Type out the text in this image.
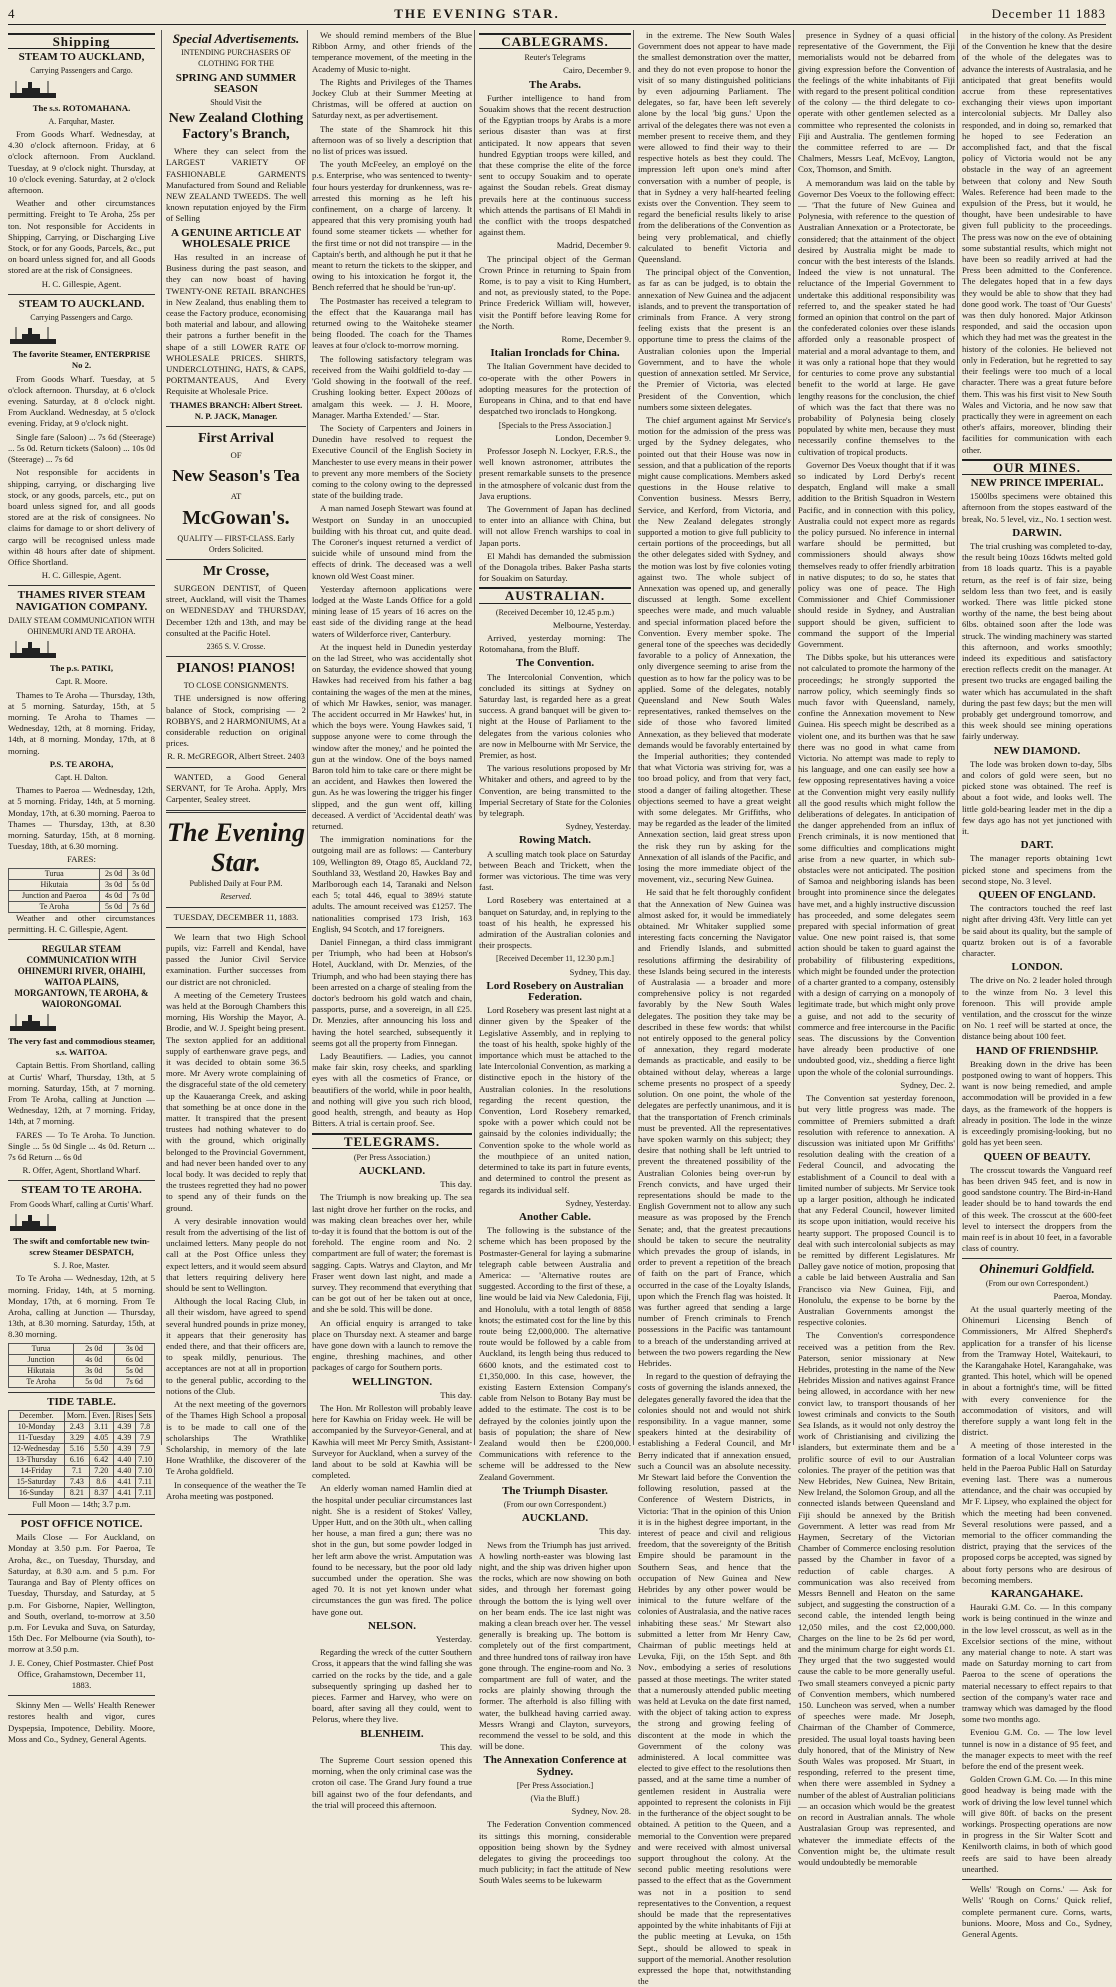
4	THE EVENING STAR.	December 11 1883
Shipping
STEAM TO AUCKLAND,

Carrying Passengers and Cargo.

The s.s. ROTOMAHANA.

A. Farquhar, Master.

From Goods Wharf. Wednesday, at 4.30 o'clock afternoon. Friday, at 6 o'clock afternoon. From Auckland. Tuesday, at 9 o'clock night. Thursday, at 10 o'clock evening. Saturday, at 2 o'clock afternoon.

Weather and other circumstances permitting. Freight to Te Aroha, 25s per ton. Not responsible for Accidents in Shipping, Carrying, or Discharging Live Stock, or for any Goods, Parcels, &c., put on board unless signed for, and all Goods stored are at the risk of Consignees.

H. C. Gillespie, Agent.

STEAM TO AUCKLAND.

Carrying Passengers and Cargo.

The favorite Steamer, ENTERPRISE No 2.

From Goods Wharf. Tuesday, at 5 o'clock afternoon. Thursday, at 6 o'clock evening. Saturday, at 8 o'clock night. From Auckland. Wednesday, at 5 o'clock evening. Friday, at 9 o'clock night.

Single fare (Saloon) ... 7s 6d (Steerage) ... 5s 0d. Return tickets (Saloon) ... 10s 0d (Steerage) ... 7s 6d

Not responsible for accidents in shipping, carrying, or discharging live stock, or any goods, parcels, etc., put on board unless signed for, and all goods stored are at the risk of consignees. No claims for damage to or short delivery of cargo will be recognised unless made within 48 hours after date of shipment. Office Shortland.

H. C. Gillespie, Agent.

THAMES RIVER STEAM NAVIGATION COMPANY.

DAILY STEAM COMMUNICATION WITH OHINEMURI AND TE AROHA.

The p.s. PATIKI,

Capt. R. Moore.

Thames to Te Aroha — Thursday, 13th, at 5 morning. Saturday, 15th, at 5 morning. Te Aroha to Thames — Wednesday, 12th, at 8 morning. Friday, 14th, at 8 morning. Monday, 17th, at 8 morning.

P.S. TE AROHA,

Capt. H. Dalton.

Thames to Paeroa — Wednesday, 12th, at 5 morning. Friday, 14th, at 5 morning. Monday, 17th, at 6.30 morning. Paeroa to Thames — Thursday, 13th, at 8.30 morning. Saturday, 15th, at 8 morning. Tuesday, 18th, at 6.30 morning.

FARES:

Turua	2s 0d	3s 0d
Hikutaia	3s 0d	5s 0d
Junction and Paeroa	4s 0d	7s 0d
Te Aroha	5s 0d	7s 6d

Weather and other circumstances permitting. H. C. Gillespie, Agent.

REGULAR STEAM COMMUNICATION WITH OHINEMURI RIVER, OHAIHI, WAITOA PLAINS, MORGANTOWN, TE AROHA, & WAIORONGOMAI.

The very fast and commodious steamer, s.s. WAITOA.

Captain Bettis. From Shortland, calling at Curtis' Wharf, Thursday, 13th, at 5 morning. Saturday, 15th, at 7 morning. From Te Aroha, calling at Junction — Wednesday, 12th, at 7 morning. Friday, 14th, at 7 morning.

FARES — To Te Aroha. To Junction. Single ... 5s 0d Single ... 4s 0d. Return ... 7s 6d Return ... 6s 0d

R. Offer, Agent, Shortland Wharf.

STEAM TO TE AROHA.

From Goods Wharf, calling at Curtis' Wharf.

The swift and comfortable new twin-screw Steamer DESPATCH,

S. J. Roe, Master.

To Te Aroha — Wednesday, 12th, at 5 morning. Friday, 14th, at 5 morning. Monday, 17th, at 6 morning. From Te Aroha, calling at Junction — Thursday, 13th, at 8.30 morning. Saturday, 15th, at 8.30 morning.

Turua	2s 0d	3s 0d
Junction	4s 0d	6s 0d
Hikutaia	3s 0d	5s 0d
Te Aroha	5s 0d	7s 6d
TIDE TABLE.
December.	Morn.	Even.	Rises	Sets
10-Monday	2.43	3.11	4.39	7.8
11-Tuesday	3.29	4.05	4.39	7.9
12-Wednesday	5.16	5.50	4.39	7.9
13-Thursday	6.16	6.42	4.40	7.10
14-Friday	7.1	7.20	4.40	7.10
15-Saturday	7.43	8.6	4.41	7.11
16-Sunday	8.21	8.37	4.41	7.11

Full Moon — 14th; 3.7 p.m.

POST OFFICE NOTICE.

Mails Close — For Auckland, on Monday at 3.50 p.m. For Paeroa, Te Aroha, &c., on Tuesday, Thursday, and Saturday, at 8.30 a.m. and 5 p.m. For Tauranga and Bay of Plenty offices on Tuesday, Thursday, and Saturday, at 5 p.m. For Gisborne, Napier, Wellington, and South, overland, to-morrow at 3.50 p.m. For Levuka and Suva, on Saturday, 15th Dec. For Melbourne (via South), to-morrow at 3.50 p.m.

J. E. Coney, Chief Postmaster. Chief Post Office, Grahamstown, December 11, 1883.

Skinny Men — Wells' Health Renewer restores health and vigor, cures Dyspepsia, Impotence, Debility. Moore, Moss and Co., Sydney, General Agents.

Special Advertisements.

INTENDING PURCHASERS OF CLOTHING FOR THE

SPRING AND SUMMER SEASON

Should Visit the

New Zealand Clothing Factory's Branch,

Where they can select from the LARGEST VARIETY OF FASHIONABLE GARMENTS Manufactured from Sound and Reliable NEW ZEALAND TWEEDS. The well known reputation enjoyed by the Firm of Selling

A GENUINE ARTICLE AT WHOLESALE PRICE

Has resulted in an increase of Business during the past season, and they can now boast of having TWENTY-ONE RETAIL BRANCHES in New Zealand, thus enabling them to cease the Factory produce, economising both material and labour, and allowing their patrons a further benefit in the shape of a still LOWER RATE OF WHOLESALE PRICES. SHIRTS, UNDERCLOTHING, HATS, & CAPS, PORTMANTEAUS, And Every Requisite at Wholesale Price.

THAMES BRANCH: Albert Street. N. P. JACK, Manager.

First Arrival

OF

New Season's Tea

AT

McGowan's.

QUALITY — FIRST-CLASS. Early Orders Solicited.

Mr Crosse,

SURGEON DENTIST, of Queen street, Auckland, will visit the Thames on WEDNESDAY and THURSDAY, December 12th and 13th, and may be consulted at the Pacific Hotel.

2365 S. V. Crosse.

PIANOS! PIANOS!

TO CLOSE CONSIGNMENTS.

THE undersigned is now offering balance of Stock, comprising — 2 ROBBYS, and 2 HARMONIUMS, At a considerable reduction on original prices.

R. R. McGREGOR, Albert Street. 2403

WANTED, a Good General SERVANT, for Te Aroha. Apply, Mrs Carpenter, Sealey street.

The Evening Star.

Published Daily at Four P.M.

Reserved.

TUESDAY, DECEMBER 11, 1883.

We learn that two High School pupils, viz: Farrell and Kendal, have passed the Junior Civil Service examination. Further successes from our district are not chronicled.

A meeting of the Cemetery Trustees was held at the Borough Chambers this morning, His Worship the Mayor, A. Brodie, and W. J. Speight being present. The sexton applied for an additional supply of earthenware grave pegs, and it was decided to obtain some 36.5 more. Mr Avery wrote complaining of the disgraceful state of the old cemetery up the Kauaeranga Creek, and asking that something be at once done in the matter. It transpired that the present trustees had nothing whatever to do with the ground, which originally belonged to the Provincial Government, and had never been handed over to any local body. It was decided to reply that the trustees regretted they had no power to spend any of their funds on the ground.

A very desirable innovation would result from the advertising of the list of unclaimed letters. Many people do not call at the Post Office unless they expect letters, and it would seem absurd that letters requiring delivery here should be sent to Wellington.

Although the local Racing Club, in all their wisdom, have agreed to spend several hundred pounds in prize money, it appears that their generosity has ended there, and that their officers are, to speak mildly, penurious. The acceptances are not at all in proportion to the general public, according to the notions of the Club.

At the next meeting of the governors of the Thames High School a proposal is to be made to call one of the scholarships The Wrathlike Scholarship, in memory of the late Hone Wrathlike, the discoverer of the Te Aroha goldfield.

In consequence of the weather the Te Aroha meeting was postponed.

We should remind members of the Blue Ribbon Army, and other friends of the temperance movement, of the meeting in the Academy of Music to-night.

The Rights and Privileges of the Thames Jockey Club at their Summer Meeting at Christmas, will be offered at auction on Saturday next, as per advertisement.

The state of the Shamrock hit this afternoon was of so lively a description that no list of prices was issued.

The youth McFeeley, an employé on the p.s. Enterprise, who was sentenced to twenty-four hours yesterday for drunkenness, was re-arrested this morning as he left his confinement, on a charge of larceny. It appeared that this very promising youth had found some steamer tickets — whether for the first time or not did not transpire — in the Captain's berth, and although he put it that he meant to return the tickets to the skipper, and owing to his intoxication he forgot it, the Bench referred that he should be 'run-up'.

The Postmaster has received a telegram to the effect that the Kauaranga mail has returned owing to the Waitoheke steamer being flooded. The coach for the Thames leaves at four o'clock to-morrow morning.

The following satisfactory telegram was received from the Waihi goldfield to-day — 'Gold showing in the footwall of the reef. Crushing looking better. Expect 200ozs of amalgam this week. — J. H. Moore, Manager. Martha Extended.' — Star.

The Society of Carpenters and Joiners in Dunedin have resolved to request the Executive Council of the English Society in Manchester to use every means in their power to prevent any more members of the Society coming to the colony owing to the depressed state of the building trade.

A man named Joseph Stewart was found at Westport on Sunday in an unoccupied building with his throat cut, and quite dead. The Coroner's inquest returned a verdict of suicide while of unsound mind from the effects of drink. The deceased was a well known old West Coast miner.

Yesterday afternoon applications were lodged at the Waste Lands Office for a gold mining lease of 15 years of 16 acres on the east side of the dividing range at the head waters of Wilderforce river, Canterbury.

At the inquest held in Dunedin yesterday on the lad Street, who was accidentally shot on Saturday, the evidence showed that young Hawkes had received from his father a bag containing the wages of the men at the mines, of which Mr Hawkes, senior, was manager. The accident occurred in Mr Hawkes' hut, in which the boys were. Young Hawkes said, 'I suppose anyone were to come through the window after the money,' and he pointed the gun at the window. One of the boys named Baron told him to take care or there might be an accident, and Hawkes then lowered the gun. As he was lowering the trigger his finger slipped, and the gun went off, killing deceased. A verdict of 'Accidental death' was returned.

The immigration nominations for the outgoing mail are as follows: — Canterbury 109, Wellington 89, Otago 85, Auckland 72, Southland 33, Westland 20, Hawkes Bay and Marlborough each 14, Taranaki and Nelson each 5; total 446, equal to 389½ statute adults. The amount received was £1257. The nationalities comprised 173 Irish, 163 English, 94 Scotch, and 17 foreigners.

Daniel Finnegan, a third class immigrant per Triumph, who had been at Hobson's Hotel, Auckland, with Dr. Menzies, of the Triumph, and who had been staying there has been arrested on a charge of stealing from the doctor's bedroom his gold watch and chain, passports, purse, and a sovereign, in all £25. Dr. Menzies, after announcing his loss and having the hotel searched, subsequently it seems got all the property from Finnegan.

Lady Beautifiers. — Ladies, you cannot make fair skin, rosy cheeks, and sparkling eyes with all the cosmetics of France, or beautifiers of the world, while in poor health, and nothing will give you such rich blood, good health, strength, and beauty as Hop Bitters. A trial is certain proof. See.

TELEGRAMS.

(Per Press Association.)

AUCKLAND.

This day.

The Triumph is now breaking up. The sea last night drove her further on the rocks, and was making clean breaches over her, while to-day it is found that the bottom is out of the forehold. The engine room and No. 2 compartment are full of water; the foremast is sagging. Capts. Watrys and Clayton, and Mr Fraser went down last night, and made a survey. They recommend that everything that can be got out of her be taken out at once, and she be sold. This will be done.

An official enquiry is arranged to take place on Thursday next. A steamer and barge have gone down with a launch to remove the engine, threshing machines, and other packages of cargo for Southern ports.

WELLINGTON.

This day.

The Hon. Mr Rolleston will probably leave here for Kawhia on Friday week. He will be accompanied by the Surveyor-General, and at Kawhia will meet Mr Percy Smith, Assistant-Surveyor for Auckland, when a survey of the land about to be sold at Kawhia will be completed.

An elderly woman named Hamlin died at the hospital under peculiar circumstances last night. She is a resident of Stokes' Valley, Upper Hutt, and on the 30th ult., when calling her house, a man fired a gun; there was no shot in the gun, but some powder lodged in her left arm above the wrist. Amputation was found to be necessary, but the poor old lady succumbed under the operation. She was aged 70. It is not yet known under what circumstances the gun was fired. The police have gone out.

NELSON.

Yesterday.

Regarding the wreck of the cutter Southern Cross, it appears that the wind falling she was carried on the rocks by the tide, and a gale subsequently springing up dashed her to pieces. Farmer and Harvey, who were on board, after saving all they could, went to Pelorus, where they live.

BLENHEIM.

This day.

The Supreme Court session opened this morning, when the only criminal case was the croton oil case. The Grand Jury found a true bill against two of the four defendants, and the trial will proceed this afternoon.

CABLEGRAMS.

Reuter's Telegrams

Cairo, December 9.

The Arabs.

Further intelligence to hand from Souakim shows that the recent destruction of the Egyptian troops by Arabs is a more serious disaster than was at first anticipated. It now appears that seven hundred Egyptian troops were killed, and that these comprise the elite of the force sent to occupy Souakim and to operate against the Soudan rebels. Great dismay prevails here at the continuous success which attends the partisans of El Mahdi in the conflict with the troops despatched against them.

Madrid, December 9.

The principal object of the German Crown Prince in returning to Spain from Rome, is to pay a visit to King Humbert, and not, as previously stated, to the Pope. Prince Frederick William will, however, visit the Pontiff before leaving Rome for the North.

Rome, December 9.

Italian Ironclads for China.

The Italian Government have decided to co-operate with the other Powers in adopting measures for the protection of Europeans in China, and to that end have despatched two ironclads to Hongkong.

[Specials to the Press Association.]

London, December 9.

Professor Joseph N. Lockyer, F.R.S., the well known astronomer, attributes the present remarkable sunsets to the presence in the atmosphere of volcanic dust from the Java eruptions.

The Government of Japan has declined to enter into an alliance with China, but will not allow French warships to coal in Japan ports.

El Mahdi has demanded the submission of the Donagola tribes. Baker Pasha starts for Souakim on Saturday.

AUSTRALIAN.

(Received December 10, 12.45 p.m.)

Melbourne, Yesterday.

Arrived, yesterday morning: The Rotomahana, from the Bluff.

The Convention.

The Intercolonial Convention, which concluded its sittings at Sydney on Saturday last, is regarded here as a great success. A grand banquet will be given to-night at the House of Parliament to the delegates from the various colonies who are now in Melbourne with Mr Service, the Premier, as host.

The various resolutions proposed by Mr Whitaker and others, and agreed to by the Convention, are being transmitted to the Imperial Secretary of State for the Colonies by telegraph.

Sydney, Yesterday.

Rowing Match.

A sculling match took place on Saturday between Beach and Trickett, when the former was victorious. The time was very fast.

Lord Rosebery was entertained at a banquet on Saturday, and, in replying to the toast of his health, he expressed his admiration of the Australian colonies and their prospects.

[Received December 11, 12.30 p.m.]

Sydney, This day.

Lord Rosebery on Australian Federation.

Lord Rosebery was present last night at a dinner given by the Speaker of the Legislative Assembly, and in replying to the toast of his health, spoke highly of the importance which must be attached to the late Intercolonial Convention, as marking a distinctive epoch in the history of the Australian colonies. In the resolutions regarding the recent question, the Convention, Lord Rosebery remarked, spoke with a power which could not be gainsaid by the colonies individually; the Convention spoke to the whole world as the mouthpiece of an united nation, determined to take its part in future events, and determined to control the present as regards its individual self.

Sydney, Yesterday.

Another Cable.

The following is the substance of the scheme which has been proposed by the Postmaster-General for laying a submarine telegraph cable between Australia and America: — 'Alternative routes are suggested. According to the first of these, a line would be laid via New Caledonia, Fiji, and Honolulu, with a total length of 8858 knots; the estimated cost for the line by this route being £2,000,000. The alternative route would be followed by a cable from Auckland, its length being thus reduced to 6600 knots, and the estimated cost to £1,350,000. In this case, however, the existing Eastern Extension Company's cable from Nelson to Botany Bay must be added to the estimate. The cost is to be defrayed by the colonies jointly upon the basis of population; the share of New Zealand would then be £200,000. Communications with reference to the scheme will be addressed to the New Zealand Government.

The Triumph Disaster.

(From our own Correspondent.)

AUCKLAND.

This day.

News from the Triumph has just arrived. A howling north-easter was blowing last night, and the ship was driven higher upon the rocks, which are now showing on both sides, and through her foremast going through the bottom the is lying well over on her beam ends. The ice last night was making a clean breach over her. The vessel generally is breaking up. The bottom is completely out of the first compartment, and three hundred tons of railway iron have gone through. The engine-room and No. 3 compartment are full of water, and the rocks are plainly showing through the former. The afterhold is also filling with water, the bulkhead having carried away. Messrs Wrangi and Clayton, surveyors, recommend the vessel to be sold, and this will be done.

The Annexation Conference at Sydney.

[Per Press Association.]

(Via the Bluff.)

Sydney, Nov. 28.

The Federation Convention commenced its sittings this morning, considerable opposition being shown by the Sydney delegates to giving the proceedings too much publicity; in fact the attitude of New South Wales seems to be lukewarm

in the extreme. The New South Wales Government does not appear to have made the smallest demonstration over the matter, and they do not even propose to honor the visit of so many distinguished politicians by even adjourning Parliament. The delegates, so far, have been left severely alone by the local 'big guns.' Upon the arrival of the delegates there was not even a member present to receive them, and they were allowed to find their way to their respective hotels as best they could. The impression left upon one's mind after conversation with a number of people, is that in Sydney a very half-hearted feeling exists over the Convention. They seem to regard the beneficial results likely to arise from the deliberations of the Convention as being very problematical, and chiefly calculated to benefit Victoria and Queensland.

The principal object of the Convention, as far as can be judged, is to obtain the annexation of New Guinea and the adjacent islands, and to prevent the transportation of criminals from France. A very strong feeling exists that the present is an opportune time to press the claims of the Australian colonies upon the Imperial Government, and to have the whole question of annexation settled. Mr Service, the Premier of Victoria, was elected President of the Convention, which numbers some sixteen delegates.

The chief argument against Mr Service's motion for the admission of the press was urged by the Sydney delegates, who pointed out that their House was now in session, and that a publication of the reports might cause complications. Members asked questions in the House relative to Convention business. Messrs Berry, Service, and Kerford, from Victoria, and the New Zealand delegates strongly supported a motion to give full publicity to certain portions of the proceedings, but all the other delegates sided with Sydney, and the motion was lost by five colonies voting against two. The whole subject of Annexation was opened up, and generally discussed at length. Some excellent speeches were made, and much valuable and special information placed before the Convention. Every member spoke. The general tone of the speeches was decidedly favorable to a policy of Annexation, the only divergence seeming to arise from the question as to how far the policy was to be applied. Some of the delegates, notably Queensland and New South Wales representatives, ranked themselves on the side of those who favored limited Annexation, as they believed that moderate demands would be favorably entertained by the Imperial authorities; they contended that what Victoria was striving for, was a too broad policy, and from that very fact, stood a danger of failing altogether. These objections seemed to have a great weight with some delegates. Mr Griffiths, who may be regarded as the leader of the limited Annexation section, laid great stress upon the risk they run by asking for the Annexation of all islands of the Pacific, and losing the more immediate object of the movement, viz., securing New Guinea.

He said that he felt thoroughly confident that the Annexation of New Guinea was almost asked for, it would be immediately obtained. Mr Whitaker supplied some interesting facts concerning the Navigator and Friendly Islands, and submitted resolutions affirming the desirability of these Islands being secured in the interests of Australasia — a broader and more comprehensive policy is not regarded favorably by the New South Wales delegates. The position they take may be described in these few words: that whilst not entirely opposed to the general policy of annexation, they regard moderate demands as practicable, and easily to be obtained without delay, whereas a large scheme presents no prospect of a speedy solution. On one point, the whole of the delegates are perfectly unanimous, and it is that the transportation of French criminals must be prevented. All the representatives have spoken warmly on this subject; they desire that nothing shall be left untried to prevent the threatened possibility of the Australian Colonies being over-run by French convicts, and have urged their representations should be made to the English Government not to allow any such measure as was proposed by the French Senate; and, that the greatest precautions should be taken to secure the neutrality which prevades the group of islands, in order to prevent a repetition of the breach of faith on the part of France, which occurred in the case of the Loyalty Islands, upon which the French flag was hoisted. It was further agreed that sending a large number of French criminals to French possessions in the Pacific was tantamount to a breach of the understanding arrived at between the two powers regarding the New Hebrides.

In regard to the question of defraying the costs of governing the islands annexed, the delegates generally favored the idea that the colonies should not and would not shirk responsibility. In a vague manner, some speakers hinted at the desirability of establishing a Federal Council, and Mr Berry indicated that if annexation ensued, such a Council was an absolute necessity. Mr Stewart laid before the Convention the following resolution, passed at the Conference of Western Districts, in Victoria: 'That in the opinion of this Union it is in the highest degree important, in the interest of peace and civil and religious freedom, that the sovereignty of the British Empire should be paramount in the Southern Seas, and hence that the occupation of New Guinea and New Hebrides by any other power would be inimical to the future welfare of the colonies of Australasia, and the native races inhabiting these seas.' Mr Stewart also submitted a letter from Mr Henry Caw, Chairman of public meetings held at Levuka, Fiji, on the 15th Sept. and 8th Nov., embodying a series of resolutions passed at those meetings. The writer stated that a numerously attended public meeting was held at Levuka on the date first named, with the object of taking action to express the strong and growing feeling of discontent at the mode in which the Government of the colony was administered. A local committee was elected to give effect to the resolutions then passed, and at the same time a number of gentlemen resident in Australia were appointed to represent the colonists in Fiji in the furtherance of the object sought to be obtained. A petition to the Queen, and a memorial to the Convention were prepared and were received with almost universal support throughout the colony. At the second public meeting resolutions were passed to the effect that as the Government was not in a position to send representatives to the Convention, a request should be made that the representatives appointed by the white inhabitants of Fiji at the public meeting at Levuka, on 15th Sept., should be allowed to speak in support of the memorial. Another resolution expressed the hope that, notwithstanding the

presence in Sydney of a quasi official representative of the Government, the Fiji memorialists would not be debarred from giving expression before the Convention of the feelings of the white inhabitants of Fiji with regard to the present political condition of the colony — the third delegate to co-operate with other gentlemen selected as a committee who represented the colonists in Fiji and Australia. The gentlemen forming the committee referred to are — Dr Chalmers, Messrs Leaf, McEvoy, Langton, Cox, Thomson, and Smith.

A memorandum was laid on the table by Governor Des Voeux to the following effect: — 'That the future of New Guinea and Polynesia, with reference to the question of Australian Annexation or a Protectorate, be considered; that the attainment of the object desired by Australia might be made to concur with the best interests of the Islands. Indeed the view is not unnatural. The reluctance of the Imperial Government to undertake this additional responsibility was referred to, and the speaker stated he had formed an opinion that control on the part of the confederated colonies over these islands afforded only a reasonable prospect of material and a moral advantage to them, and it was only a rational hope that they would for centuries to come prove any substantial benefit to the world at large. He gave lengthy reasons for the conclusion, the chief of which was the fact that there was no probability of Polynesia being closely populated by white men, because they must necessarily confine themselves to the cultivation of tropical products.

Governor Des Voeux thought that if it was so indicated by Lord Derby's recent despatch, England will make a small addition to the British Squadron in Western Pacific, and in connection with this policy, Australia could not expect more as regards the policy pursued. No inference in internal warfare should be permitted, but commissioners should always show themselves ready to offer friendly arbitration in native disputes; to do so, he states that policy was one of peace. The High Commissioner and Chief Commissioner should reside in Sydney, and Australian support should be given, sufficient to command the support of the Imperial Government.

The Dibbs spoke, but his utterances were not calculated to promote the harmony of the proceedings; he strongly supported the narrow policy, which seemingly finds so much favor with Queensland, namely, confine the Annexation movement to New Guinea. His speech might be described as a violent one, and its burthen was that he saw there was no good in what came from Victoria. No attempt was made to reply to his language, and one can easily see how a few opposing representatives having a voice at the Convention might very easily nullify all the good results which might follow the deliberations of delegates. In anticipation of the danger apprehended from an influx of French criminals, it is now mentioned that some difficulties and complications might arise from a new quarter, in which sub-obstacles were not anticipated. The position of Samoa and neighboring islands has been brought into prominence since the delegates have met, and a highly instructive discussion has proceeded, and some delegates seem prepared with special information of great value. One new point raised is, that some action should be taken to guard against the probability of filibustering expeditions, which might be founded under the protection of a charter granted to a company, ostensibly with a design of carrying on a monopoly of legitimate trade, but which might only prove a guise, and not add to the security of commerce and free intercourse in the Pacific seas. The discussions by the Convention have already been productive of one undoubted good, viz., shedding a fierce light upon the whole of the colonial surroundings.

Sydney, Dec. 2.

The Convention sat yesterday forenoon, but very little progress was made. The committee of Premiers submitted a draft resolution with reference to annexation. A discussion was initiated upon Mr Griffiths' resolution dealing with the creation of a Federal Council, and advocating the establishment of a Council to deal with a limited number of subjects. Mr Service took up a larger position, although he indicated that any Federal Council, however limited its scope upon initiation, would receive his hearty support. The proposed Council is to deal with such intercolonial subjects as may be remitted by different Legislatures. Mr Dalley gave notice of motion, proposing that a cable be laid between Australia and San Francisco via New Guinea, Fiji, and Honolulu, the expense to be borne by the Australian Governments amongst the respective colonies.

The Convention's correspondence received was a petition from the Rev. Paterson, senior missionary at New Hebrides, protesting in the name of the New Hebrides Mission and natives against France being allowed, in accordance with her new convict law, to transport thousands of her lowest criminals and convicts to the South Sea Islands, as it would not only destroy the work of Christianising and civilizing the islanders, but exterminate them and be a prolific source of evil to our Australian colonies. The prayer of the petition was that New Hebrides, New Guinea, New Britain, New Ireland, the Solomon Group, and all the connected islands between Queensland and Fiji should be annexed by the British Government. A letter was read from Mr Haymen, Secretary of the Victorian Chamber of Commerce enclosing resolution passed by the Chamber in favor of a reduction of cable charges. A communication was also received from Messrs Bennell and Heaton on the same subject, and suggesting the construction of a second cable, the intended length being 12,050 miles, and the cost £2,000,000. Charges on the line to be 2s 6d per word, and the minimum charge for eight words £1. They urged that the two suggested would cause the cable to be more generally useful. Two small steamers conveyed a picnic party of Convention members, which numbered 150. Luncheon was served, when a number of speeches were made. Mr Joseph, Chairman of the Chamber of Commerce, presided. The usual loyal toasts having been duly honored, that of the Ministry of New South Wales was proposed. Mr Stuart, in responding, referred to the present time, when there were assembled in Sydney a number of the ablest of Australian politicians — an occasion which would be the greatest on record in Australian annals. The whole Australasian Group was represented, and whatever the immediate effects of the Convention might be, the ultimate result would undoubtedly be memorable

in the history of the colony. As President of the Convention he knew that the desire of the whole of the delegates was to advance the interests of Australasia, and he anticipated that great benefits would accrue from these representatives exchanging their views upon important intercolonial subjects. Mr Dalley also responded, and in doing so, remarked that he hoped to see Federation an accomplished fact, and that the fiscal policy of Victoria would not be any obstacle in the way of an agreement between that colony and New South Wales. Reference had been made to the expulsion of the Press, but it would, he thought, have been undesirable to have given full publicity to the proceedings. The press was now on the eve of obtaining some substantial results, which might not have been so readily arrived at had the Press been admitted to the Conference. The delegates hoped that in a few days they would be able to show that they had done good work. The toast of 'Our Guests' was then duly honored. Major Atkinson responded, and said the occasion upon which they had met was the greatest in the history of the colonies. He believed not only in Federation, but he regretted to say their feelings were too much of a local character. There was a great future before them. This was his first visit to New South Wales and Victoria, and he now saw that practically they were in agreement on each other's affairs, moreover, blinding their facilities for communication with each other.

OUR MINES.
NEW PRINCE IMPERIAL.

1500lbs specimens were obtained this afternoon from the stopes eastward of the break, No. 5 level, viz., No. 1 section west.

DARWIN.

The trial crushing was completed to-day, the result being 10ozs 16dwts melted gold from 18 loads quartz. This is a payable return, as the reef is of fair size, being seldom less than two feet, and is easily worked. There was little picked stone worthy of the name, the best being about 6lbs. obtained soon after the lode was struck. The winding machinery was started this afternoon, and works smoothly; indeed its expeditious and satisfactory erection reflects credit on the manager. At present two trucks are engaged bailing the water which has accumulated in the shaft during the past few days; but the men will probably get underground tomorrow, and this week should see mining operations fairly underway.

NEW DIAMOND.

The lode was broken down to-day, 5lbs and colors of gold were seen, but no picked stone was obtained. The reef is about a foot wide, and looks well. The little gold-bearing leader met in the dip a few days ago has not yet junctioned with it.

DART.

The manager reports obtaining 1cwt picked stone and specimens from the second stope, No. 3 level.

QUEEN OF ENGLAND.

The contractors touched the reef last night after driving 43ft. Very little can yet be said about its quality, but the sample of quartz broken out is of a favorable character.

LONDON.

The drive on No. 2 leader holed through to the winze from No. 3 level this forenoon. This will provide ample ventilation, and the crosscut for the winze on No. 1 reef will be started at once, the distance being about 100 feet.

HAND OF FRIENDSHIP.

Breaking down in the drive has been postponed owing to want of hoppers. This want is now being remedied, and ample accommodation will be provided in a few days, as the framework of the hoppers is already in position. The lode in the winze is exceedingly promising-looking, but no gold has yet been seen.

QUEEN OF BEAUTY.

The crosscut towards the Vanguard reef has been driven 945 feet, and is now in good sandstone country. The Bird-in-Hand leader should be to hand towards the end of this week. The crosscut at the 600-feet level to intersect the droppers from the main reef is in about 10 feet, in a favorable class of country.

Ohinemuri Goldfield.

(From our own Correspondent.)

Paeroa, Monday.

At the usual quarterly meeting of the Ohinemuri Licensing Bench of Commissioners, Mr Alfred Shepherd's application for a transfer of his license from the Tramway Hotel, Waitekauri, to the Karangahake Hotel, Karangahake, was granted. This hotel, which will be opened in about a fortnight's time, will be fitted with every convenience for the accommodation of visitors, and will therefore supply a want long felt in the district.

A meeting of those interested in the formation of a local Volunteer corps was held in the Paeroa Public Hall on Saturday evening last. There was a numerous attendance, and the chair was occupied by Mr F. Lipsey, who explained the object for which the meeting had been convened. Several resolutions were passed, and a memorial to the officer commanding the district, praying that the services of the proposed corps be accepted, was signed by about forty persons who are desirous of becoming members.

KARANGAHAKE.

Hauraki G.M. Co. — In this company work is being continued in the winze and in the low level crosscut, as well as in the Excelsior sections of the mine, without any material change to note. A start was made on Saturday morning to cart from Paeroa to the scene of operations the material necessary to effect repairs to that section of the company's water race and tramway which was damaged by the flood some two months ago.

Eveniou G.M. Co. — The low level tunnel is now in a distance of 95 feet, and the manager expects to meet with the reef before the end of the present week.

Golden Crown G.M. Co. — In this mine good headway is being made with the work of driving the low level tunnel which will give 80ft. of backs on the present workings. Prospecting operations are now in progress in the Sir Walter Scott and Kenilworth claims, in both of which good reefs are said to have been already unearthed.

Wells' 'Rough on Corns.' — Ask for Wells' 'Rough on Corns.' Quick relief, complete permanent cure. Corns, warts, bunions. Moore, Moss and Co., Sydney, General Agents.
